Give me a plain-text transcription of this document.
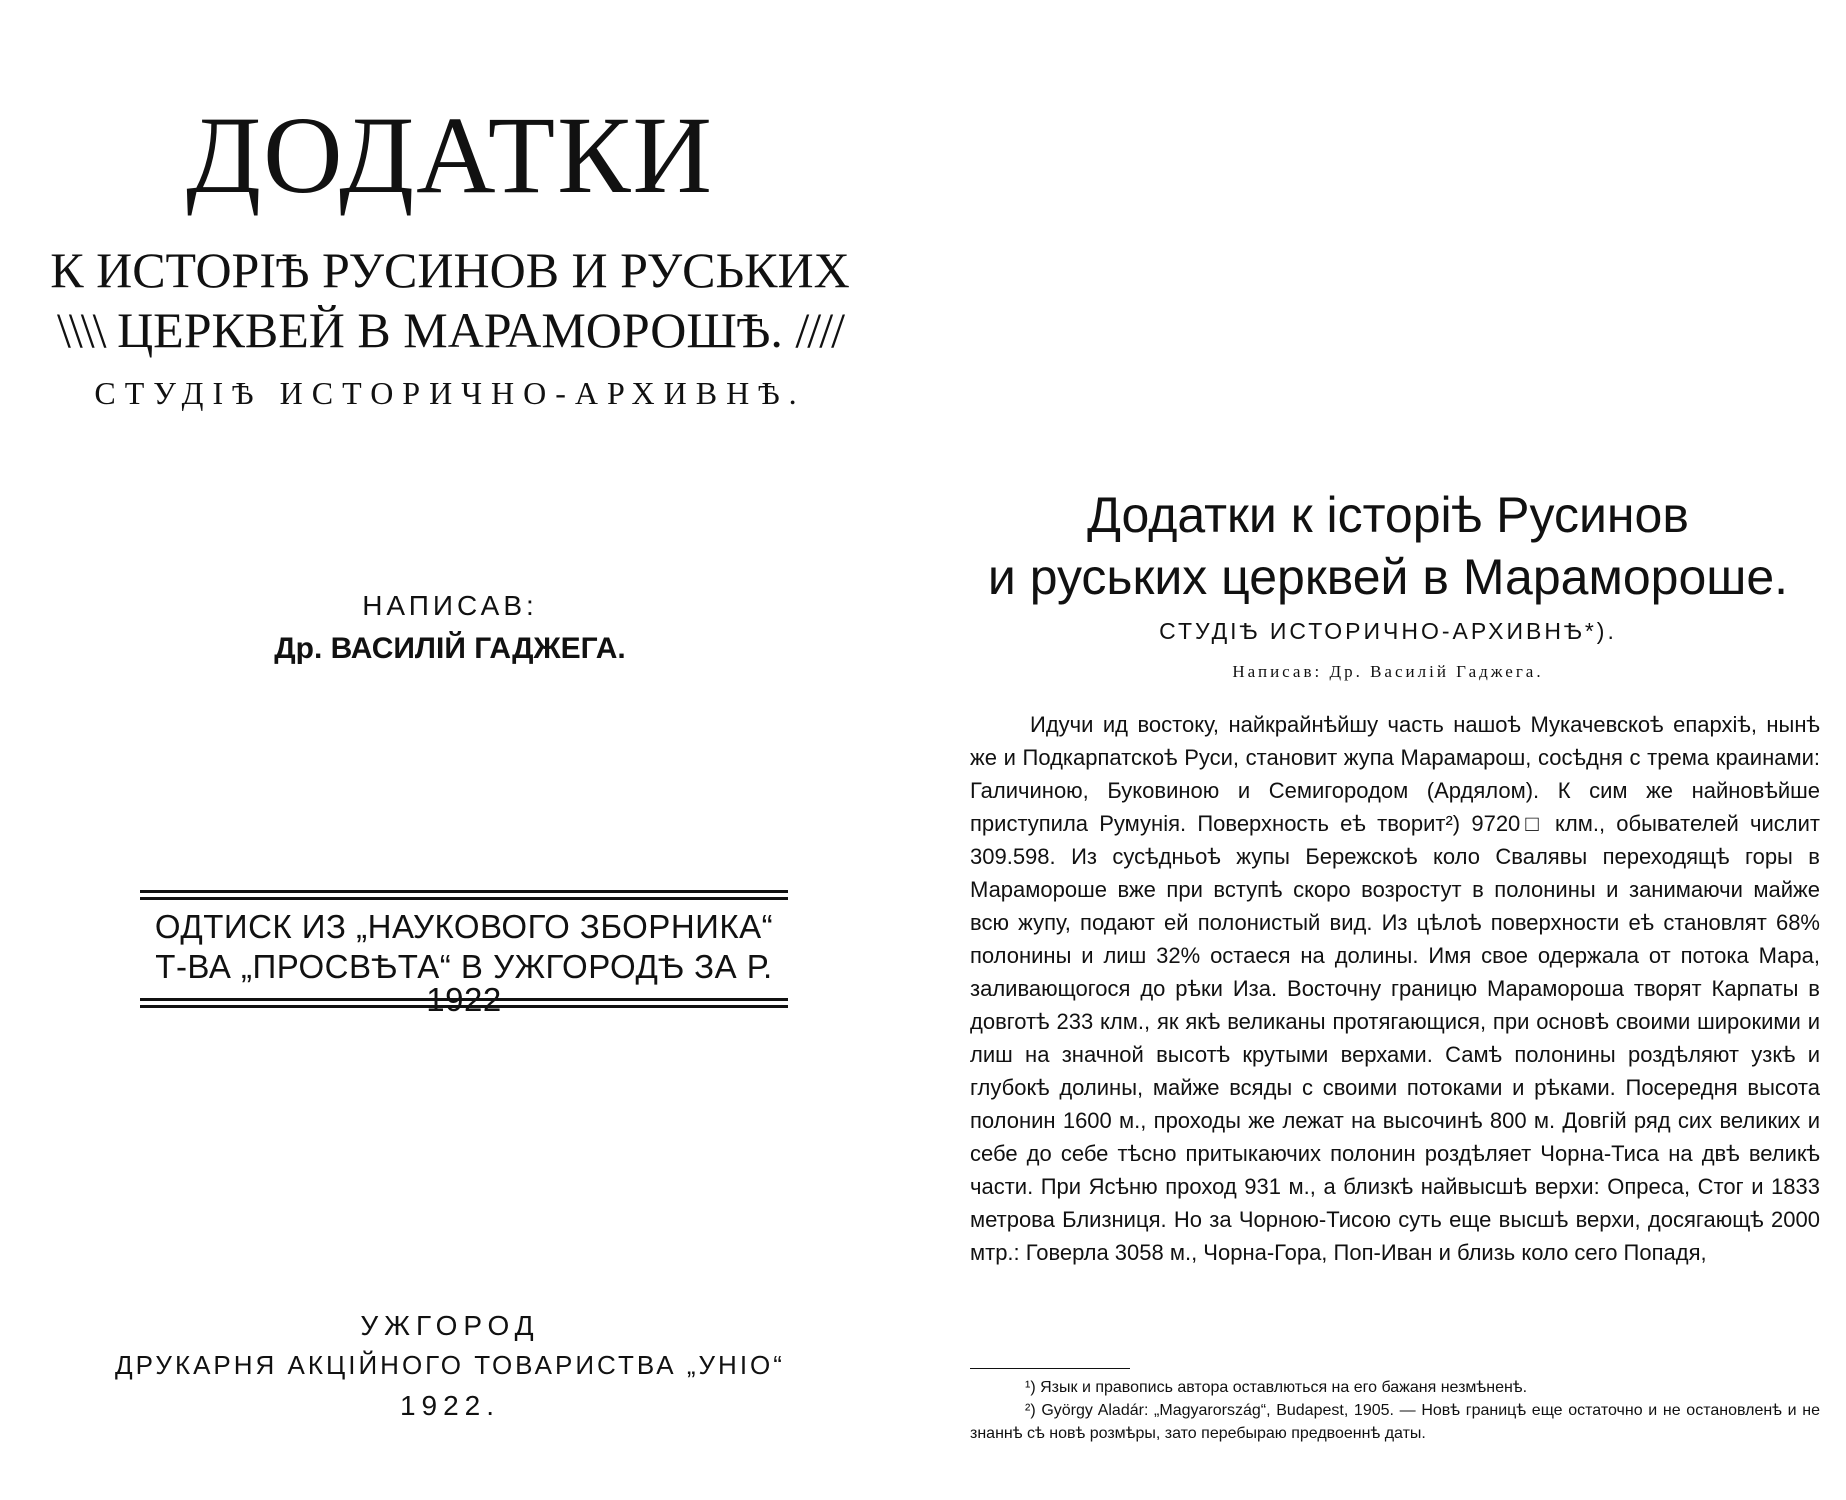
ДОДАТКИ
К ИСТОРІѢ РУСИНОВ И РУСЬКИХ
\\\\ ЦЕРКВЕЙ В МАРАМОРОШѢ. ////
СТУДІѢ ИСТОРИЧНО-АРХИВНѢ.
НАПИСАВ:
Др. ВАСИЛІЙ ГАДЖЕГА.
ОДТИСК ИЗ „НАУКОВОГО ЗБОРНИКА“
Т-ВА „ПРОСВѢТА“ В УЖГОРОДѢ ЗА Р.
УЖГОРОД
ДРУКАРНЯ АКЦІЙНОГО ТОВАРИСТВА „УНІО“
1922.
Додатки к історіѣ Русинов
и руських церквей в Марамороше.
СТУДІѢ ИСТОРИЧНО-АРХИВНѢ*).
Написав: Др. Василій Гаджега.
Идучи ид востоку, найкрайнѣйшу часть нашоѣ Мукачевскоѣ епархіѣ, нынѣ же и Подкарпатскоѣ Руси, становит жупа Марамарош, сосѣдня с трема краинами: Галичиною, Буковиною и Семигородом (Ардялом). К сим же найновѣйше приступила Румунія. Поверхность еѣ творит²) 9720□ клм., обывателей числит 309.598. Из сусѣдньоѣ жупы Бережскоѣ коло Свалявы переходящѣ горы в Марамороше вже при вступѣ скоро возростут в полонины и занимаючи майже всю жупу, подают ей полонистый вид. Из цѣлоѣ поверхности еѣ становлят 68% полонины и лиш 32% остаеся на долины. Имя свое одержала от потока Мара, заливающогося до рѣки Иза. Восточну границю Марамороша творят Карпаты в довготѣ 233 клм., як якѣ великаны протягающися, при основѣ своими широкими и лиш на значной высотѣ крутыми верхами. Самѣ полонины роздѣляют узкѣ и глубокѣ долины, майже всяды с своими потоками и рѣками. Посередня высота полонин 1600 м., проходы же лежат на высочинѣ 800 м. Довгій ряд сих великих и себе до себе тѣсно притыкаючих полонин роздѣляет Чорна-Тиса на двѣ великѣ части. При Ясѣню проход 931 м., а близкѣ найвысшѣ верхи: Опреса, Стог и 1833 метрова Близниця. Но за Чорною-Тисою суть еще высшѣ верхи, досягающѣ 2000 мтр.: Говерла 3058 м., Чорна-Гора, Поп-Иван и близь коло сего Попадя,

¹) Язык и правопись автора оставлються на его бажаня незмѣненѣ.

²) György Aladár: „Magyarország“, Budapest, 1905. — Новѣ границѣ еще остаточно и не остановленѣ и не знаннѣ сѣ новѣ розмѣры, зато перебыраю предвоеннѣ даты.
